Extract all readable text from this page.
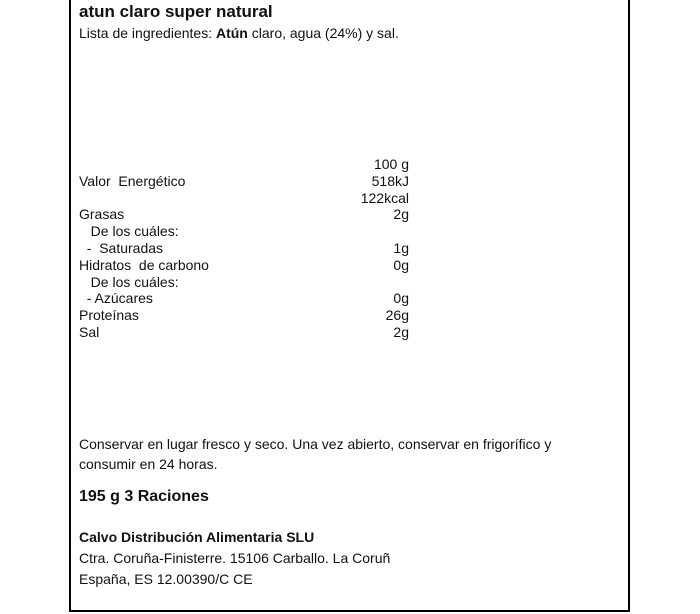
atun claro super natural
Lista de ingredientes: Atún claro, agua (24%) y sal.
100 g
Valor  Energético	518kJ
122kcal
Grasas	2g
De los cuáles:
-  Saturadas	1g
Hidratos  de carbono	0g
De los cuáles:
- Azúcares	0g
Proteínas	26g
Sal	2g
Conservar en lugar fresco y seco. Una vez abierto, conservar en frigorífico y consumir en 24 horas.
195 g 3 Raciones
Calvo Distribución Alimentaria SLU
Ctra. Coruña-Finisterre. 15106 Carballo. La Coruñ
España, ES 12.00390/C CE
